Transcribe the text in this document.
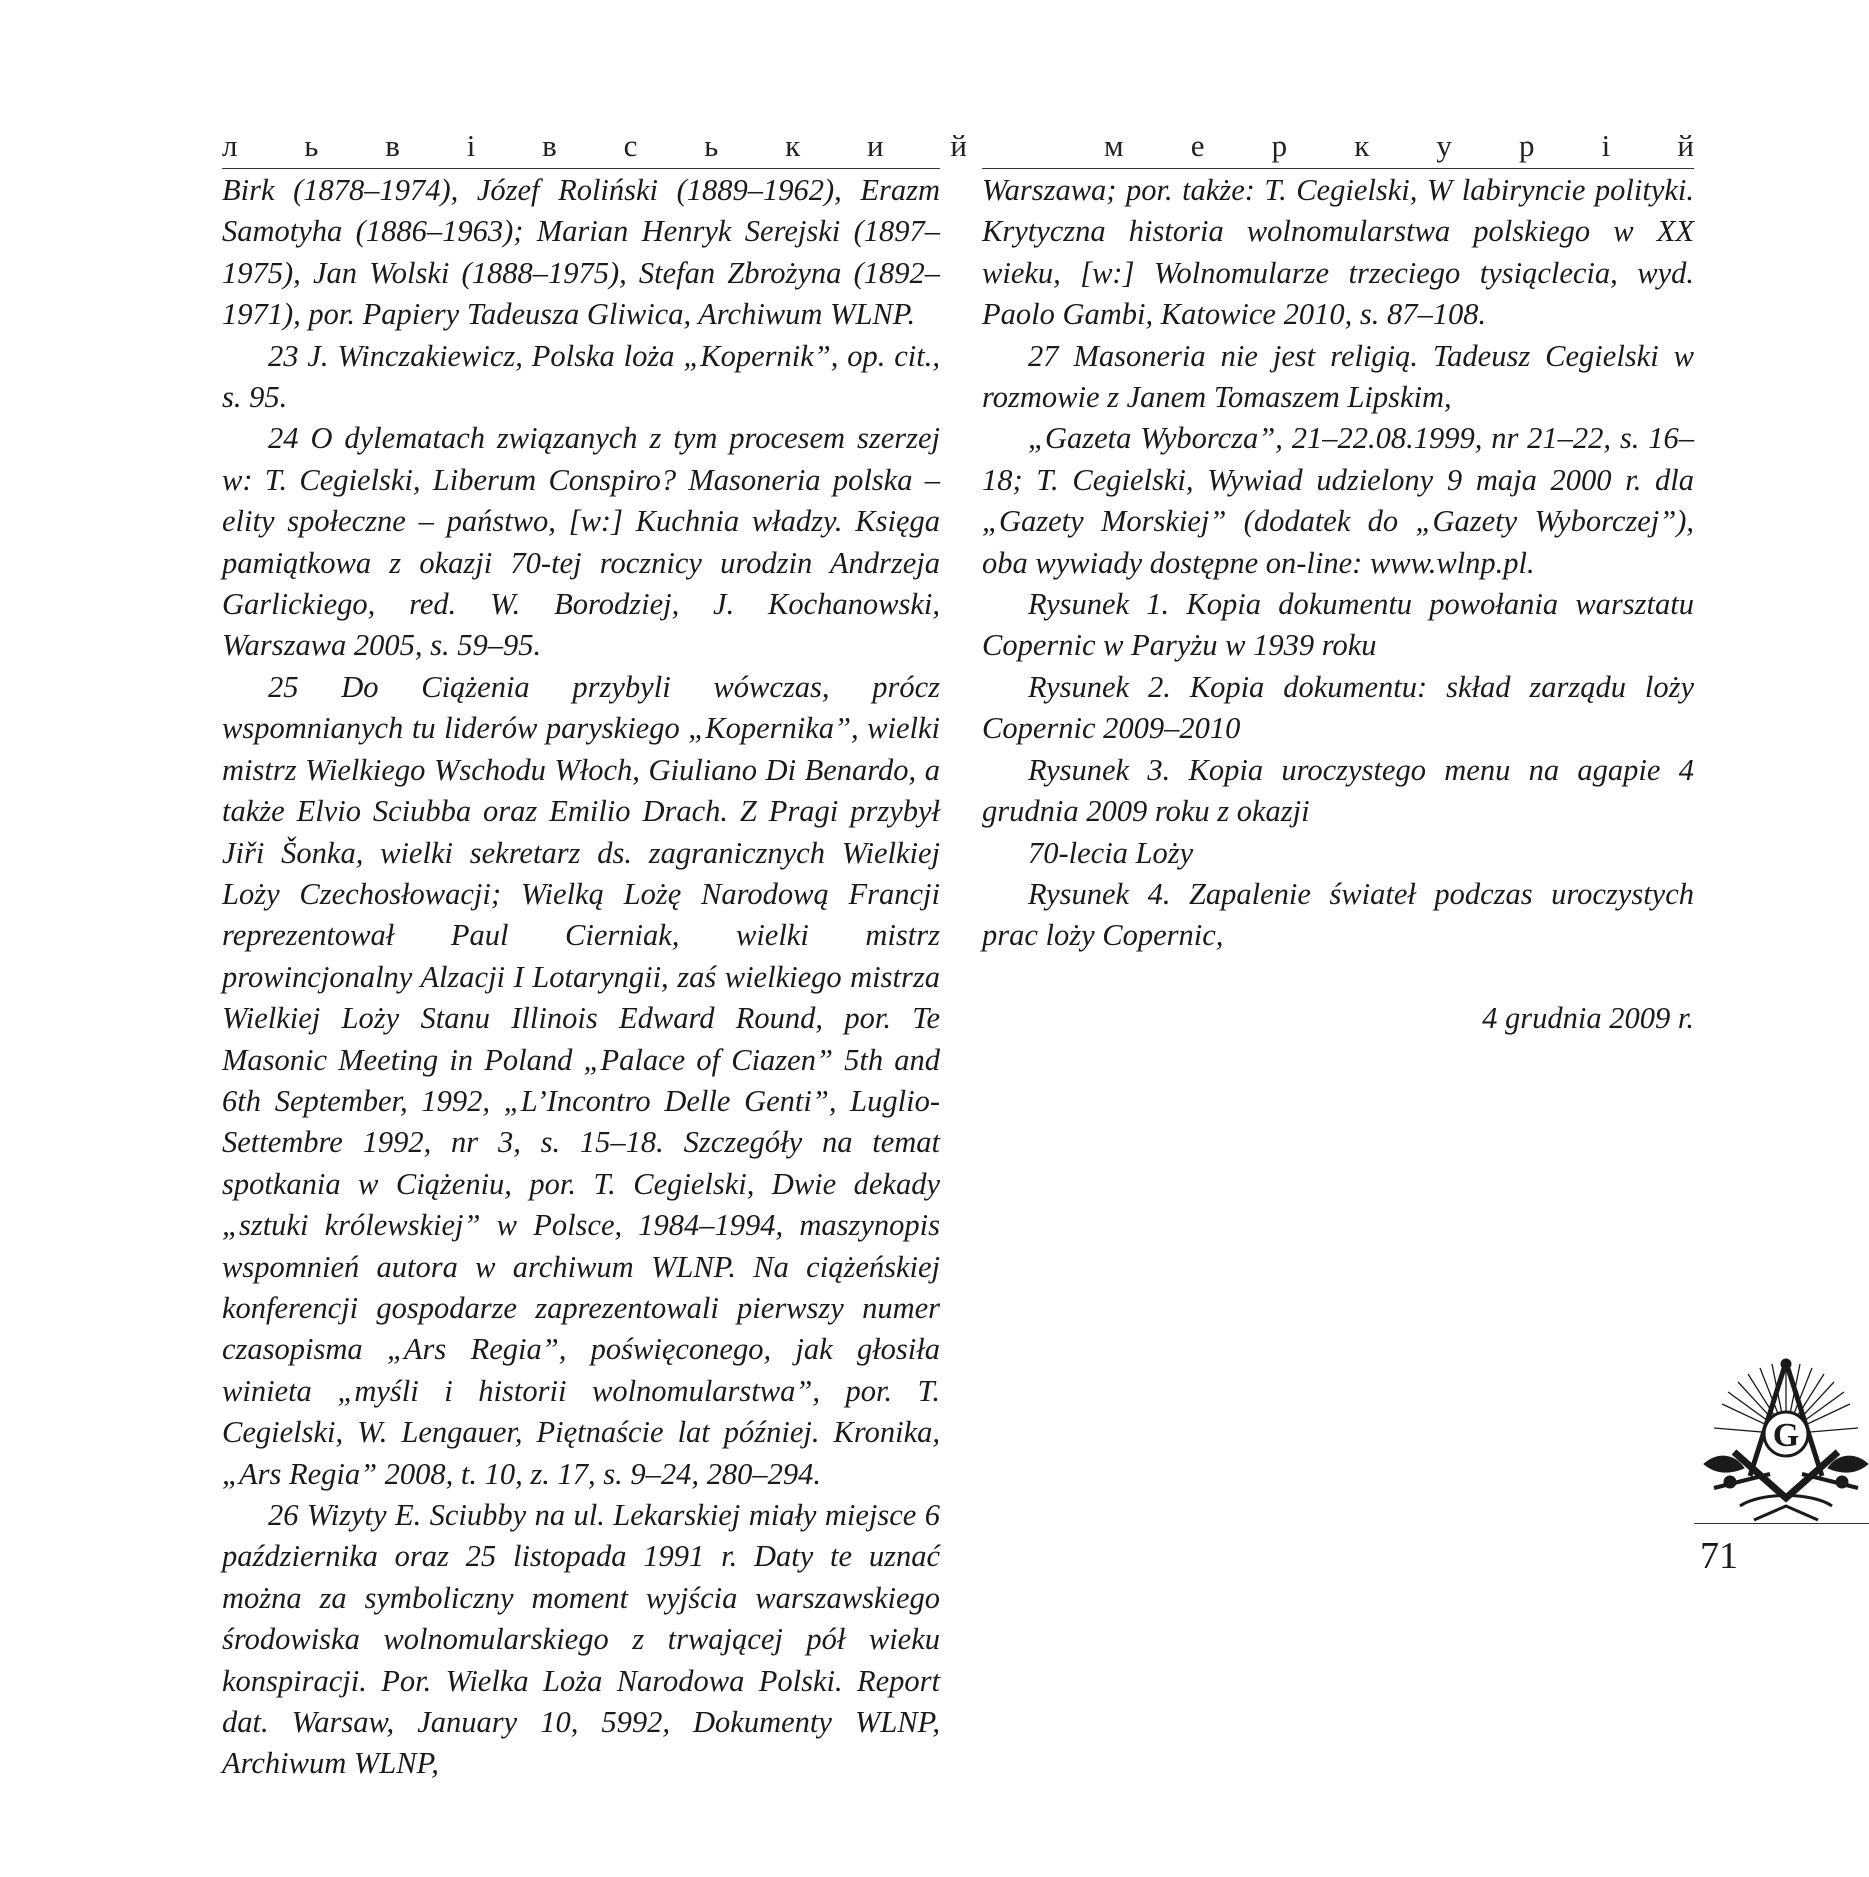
л ь в і в с ь к и й	м е р к у р і й

Birk (1878–1974), Józef Roliński (1889–1962), Erazm Samotyha (1886–1963); Marian Henryk Serejski (1897–1975), Jan Wolski (1888–1975), Stefan Zbrożyna (1892–1971), por. Papiery Tadeusza Gliwica, Archiwum WLNP.

23 J. Winczakiewicz, Polska loża „Kopernik”, op. cit., s. 95.

24 O dylematach związanych z tym procesem szerzej w: T. Cegielski, Liberum Conspiro? Masoneria polska – elity społeczne – państwo, [w:] Kuchnia władzy. Księga pamiątkowa z okazji 70-tej rocznicy urodzin Andrzeja Garlickiego, red. W. Borodziej, J. Kochanowski, Warszawa 2005, s. 59–95.

25 Do Ciążenia przybyli wówczas, prócz wspomnianych tu liderów paryskiego „Kopernika”, wielki mistrz Wielkiego Wschodu Włoch, Giuliano Di Benardo, a także Elvio Sciubba oraz Emilio Drach. Z Pragi przybył Jiři Šonka, wielki sekretarz ds. zagranicznych Wielkiej Loży Czechosłowacji; Wielką Lożę Narodową Francji reprezentował Paul Cierniak, wielki mistrz prowincjonalny Alzacji I Lotaryngii, zaś wielkiego mistrza Wielkiej Loży Stanu Illinois Edward Round, por. Te Masonic Meeting in Poland „Palace of Ciazen” 5th and 6th September, 1992, „L’Incontro Delle Genti”, Luglio-Settembre 1992, nr 3, s. 15–18. Szczegóły na temat spotkania w Ciążeniu, por. T. Cegielski, Dwie dekady „sztuki królewskiej” w Polsce, 1984–1994, maszynopis wspomnień autora w archiwum WLNP. Na ciążeńskiej konferencji gospodarze zaprezentowali pierwszy numer czasopisma „Ars Regia”, poświęconego, jak głosiła winieta „myśli i historii wolnomularstwa”, por. T. Cegielski, W. Lengauer, Piętnaście lat później. Kronika, „Ars Regia” 2008, t. 10, z. 17, s. 9–24, 280–294.

26 Wizyty E. Sciubby na ul. Lekarskiej miały miejsce 6 października oraz 25 listopada 1991 r. Daty te uznać można za symboliczny moment wyjścia warszawskiego środowiska wolnomularskiego z trwającej pół wieku konspiracji. Por. Wielka Loża Narodowa Polski. Report dat. Warsaw, January 10, 5992, Dokumenty WLNP, Archiwum WLNP,

Warszawa; por. także: T. Cegielski, W labiryncie polityki. Krytyczna historia wolnomularstwa polskiego w XX wieku, [w:] Wolnomularze trzeciego tysiąclecia, wyd. Paolo Gambi, Katowice 2010, s. 87–108.

27 Masoneria nie jest religią. Tadeusz Cegielski w rozmowie z Janem Tomaszem Lipskim,

„Gazeta Wyborcza”, 21–22.08.1999, nr 21–22, s. 16–18; T. Cegielski, Wywiad udzielony 9 maja 2000 r. dla „Gazety Morskiej” (dodatek do „Gazety Wyborczej”), oba wywiady dostępne on-line: www.wlnp.pl.

Rysunek 1. Kopia dokumentu powołania warsztatu Copernic w Paryżu w 1939 roku

Rysunek 2. Kopia dokumentu: skład zarządu loży Copernic 2009–2010

Rysunek 3. Kopia uroczystego menu na agapie 4 grudnia 2009 roku z okazji

70-lecia Loży

Rysunek 4. Zapalenie świateł podczas uroczystych prac loży Copernic,

4 grudnia 2009 r.

G
71
